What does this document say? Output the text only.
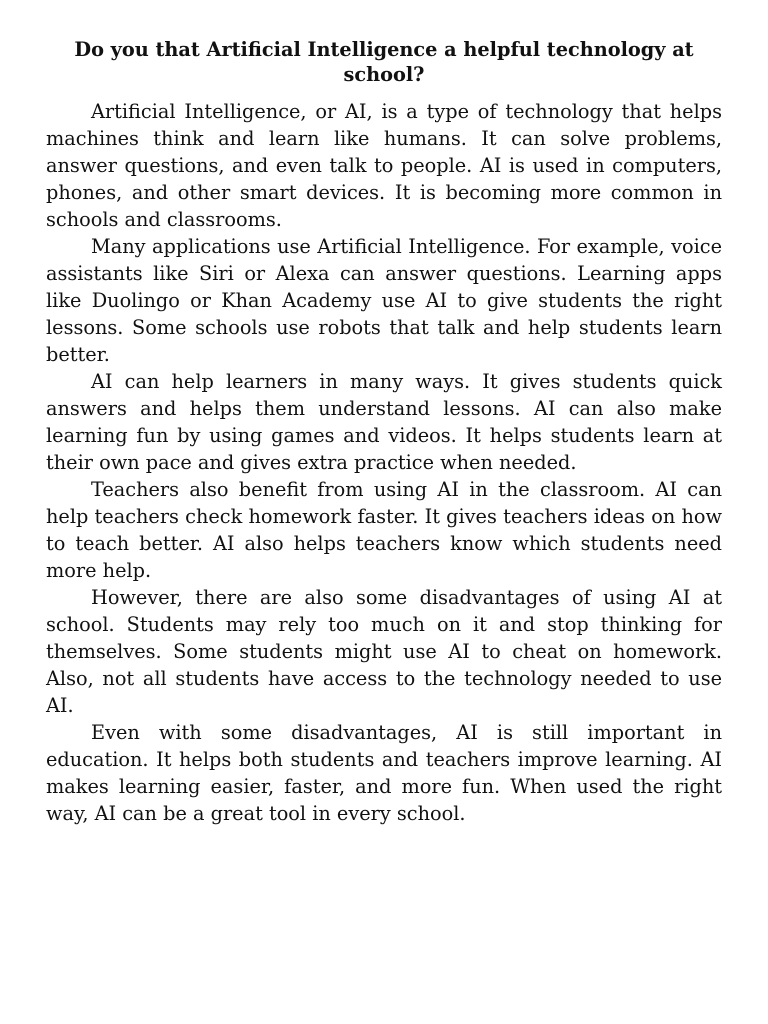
Do you that Artificial Intelligence a helpful technology at school?

Artificial Intelligence, or AI, is a type of technology that helps machines think and learn like humans. It can solve problems, answer questions, and even talk to people. AI is used in computers, phones, and other smart devices. It is becoming more common in schools and classrooms.

Many applications use Artificial Intelligence. For example, voice assistants like Siri or Alexa can answer questions. Learning apps like Duolingo or Khan Academy use AI to give students the right lessons. Some schools use robots that talk and help students learn better.

AI can help learners in many ways. It gives students quick answers and helps them understand lessons. AI can also make learning fun by using games and videos. It helps students learn at their own pace and gives extra practice when needed.

Teachers also benefit from using AI in the classroom. AI can help teachers check homework faster. It gives teachers ideas on how to teach better. AI also helps teachers know which students need more help.

However, there are also some disadvantages of using AI at school. Students may rely too much on it and stop thinking for themselves. Some students might use AI to cheat on homework. Also, not all students have access to the technology needed to use AI.

Even with some disadvantages, AI is still important in education. It helps both students and teachers improve learning. AI makes learning easier, faster, and more fun. When used the right way, AI can be a great tool in every school.
